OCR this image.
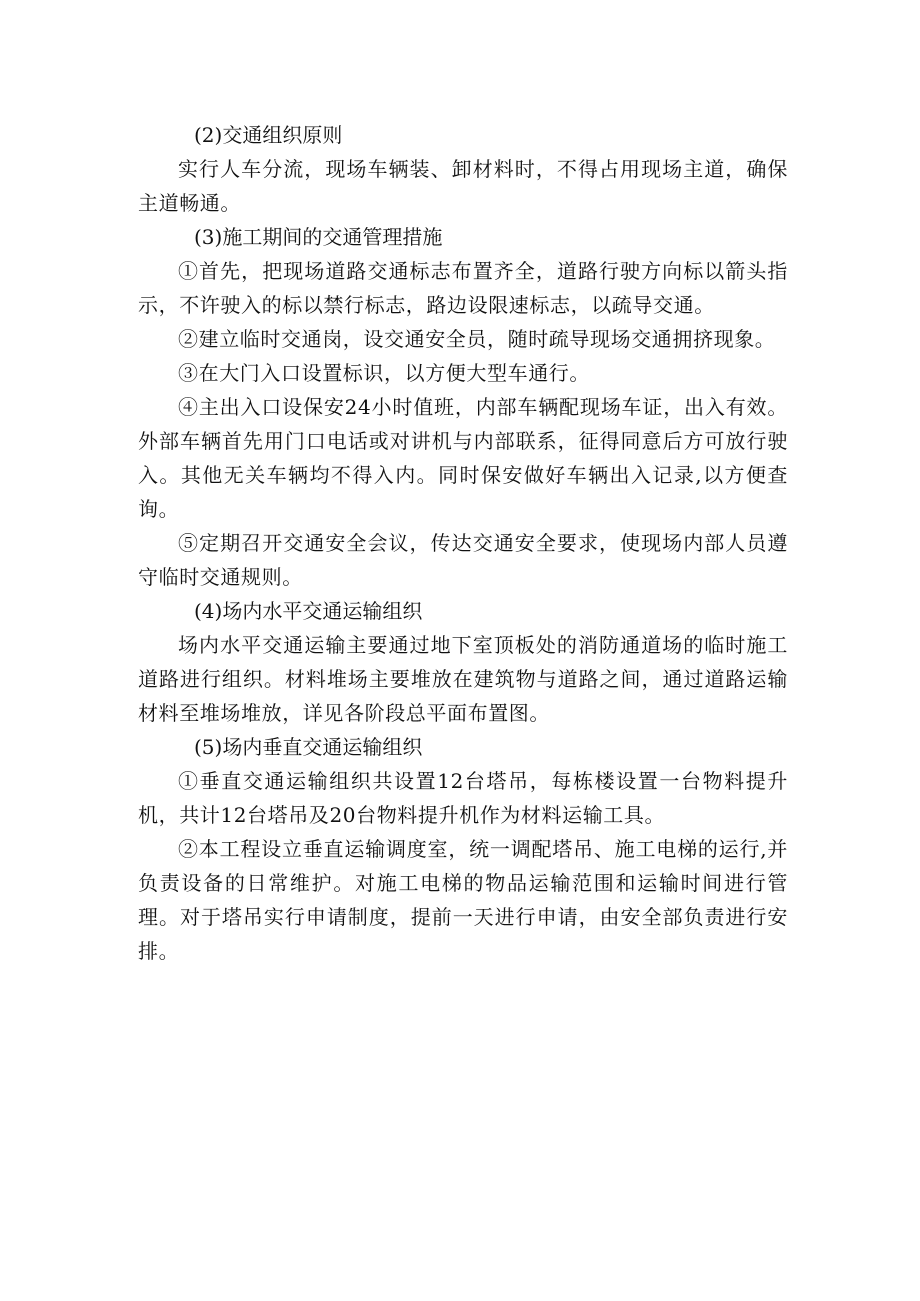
(2)交通组织原则

实行人车分流，现场车辆装、卸材料时，不得占用现场主道，确保主道畅通。

(3)施工期间的交通管理措施

①首先，把现场道路交通标志布置齐全，道路行驶方向标以箭头指示，不许驶入的标以禁行标志，路边设限速标志，以疏导交通。

②建立临时交通岗，设交通安全员，随时疏导现场交通拥挤现象。

③在大门入口设置标识，以方便大型车通行。

④主出入口设保安24小时值班，内部车辆配现场车证，出入有效。外部车辆首先用门口电话或对讲机与内部联系，征得同意后方可放行驶入。其他无关车辆均不得入内。同时保安做好车辆出入记录,以方便查询。

⑤定期召开交通安全会议，传达交通安全要求，使现场内部人员遵守临时交通规则。

(4)场内水平交通运输组织

场内水平交通运输主要通过地下室顶板处的消防通道场的临时施工道路进行组织。材料堆场主要堆放在建筑物与道路之间，通过道路运输材料至堆场堆放，详见各阶段总平面布置图。

(5)场内垂直交通运输组织

①垂直交通运输组织共设置12台塔吊，每栋楼设置一台物料提升机，共计12台塔吊及20台物料提升机作为材料运输工具。

②本工程设立垂直运输调度室，统一调配塔吊、施工电梯的运行,并负责设备的日常维护。对施工电梯的物品运输范围和运输时间进行管理。对于塔吊实行申请制度，提前一天进行申请，由安全部负责进行安排。
